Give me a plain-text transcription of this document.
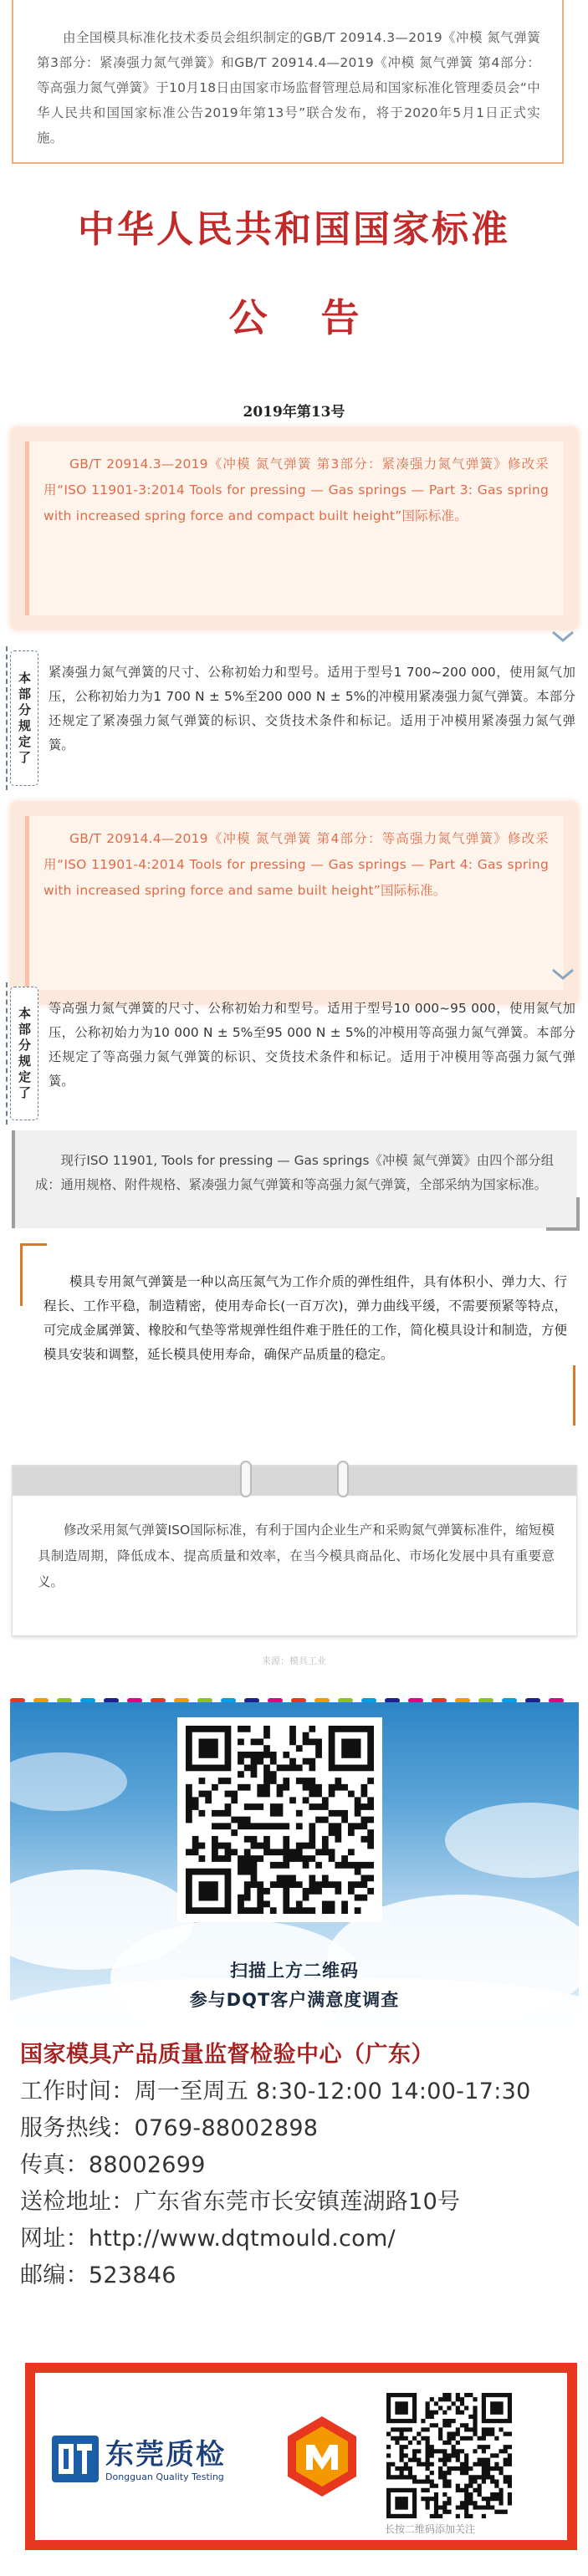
由全国模具标准化技术委员会组织制定的GB/T 20914.3—2019《冲模 氮气弹簧 第3部分：紧凑强力氮气弹簧》和GB/T 20914.4—2019《冲模 氮气弹簧 第4部分：等高强力氮气弹簧》于10月18日由国家市场监督管理总局和国家标准化管理委员会“中华人民共和国国家标准公告2019年第13号”联合发布，将于2020年5月1日正式实施。
中华人民共和国国家标准
公告
2019年第13号
GB/T 20914.3—2019《冲模 氮气弹簧 第3部分：紧凑强力氮气弹簧》修改采用“ISO 11901-3:2014 Tools for pressing — Gas springs — Part 3: Gas spring with increased spring force and compact built height”国际标准。
本部分规定了
紧凑强力氮气弹簧的尺寸、公称初始力和型号。适用于型号1 700~200 000，使用氮气加压，公称初始力为1 700 N ± 5%至200 000 N ± 5%的冲模用紧凑强力氮气弹簧。本部分还规定了紧凑强力氮气弹簧的标识、交货技术条件和标记。适用于冲模用紧凑强力氮气弹簧。
GB/T 20914.4—2019《冲模 氮气弹簧 第4部分：等高强力氮气弹簧》修改采用“ISO 11901-4:2014 Tools for pressing — Gas springs — Part 4: Gas spring with increased spring force and same built height”国际标准。
本部分规定了
等高强力氮气弹簧的尺寸、公称初始力和型号。适用于型号10 000~95 000，使用氮气加压，公称初始力为10 000 N ± 5%至95 000 N ± 5%的冲模用等高强力氮气弹簧。本部分还规定了等高强力氮气弹簧的标识、交货技术条件和标记。适用于冲模用等高强力氮气弹簧。
现行ISO 11901, Tools for pressing — Gas springs《冲模 氮气弹簧》由四个部分组成：通用规格、附件规格、紧凑强力氮气弹簧和等高强力氮气弹簧，全部采纳为国家标准。
模具专用氮气弹簧是一种以高压氮气为工作介质的弹性组件，具有体积小、弹力大、行程长、工作平稳，制造精密，使用寿命长(一百万次)，弹力曲线平缓，不需要预紧等特点，可完成金属弹簧、橡胶和气垫等常规弹性组件难于胜任的工作，简化模具设计和制造，方便模具安装和调整，延长模具使用寿命，确保产品质量的稳定。
修改采用氮气弹簧ISO国际标准，有利于国内企业生产和采购氮气弹簧标准件，缩短模具制造周期，降低成本、提高质量和效率，在当今模具商品化、市场化发展中具有重要意义。
来源：模具工业
扫描上方二维码
参与DQT客户满意度调查
国家模具产品质量监督检验中心（广东）
工作时间：周一至周五 8:30-12:00 14:00-17:30
服务热线：0769-88002898
传真：88002699
送检地址：广东省东莞市长安镇莲湖路10号
网址：http://www.dqtmould.com/
邮编：523846
东莞质检
Dongguan Quality Testing
长按二维码添加关注
